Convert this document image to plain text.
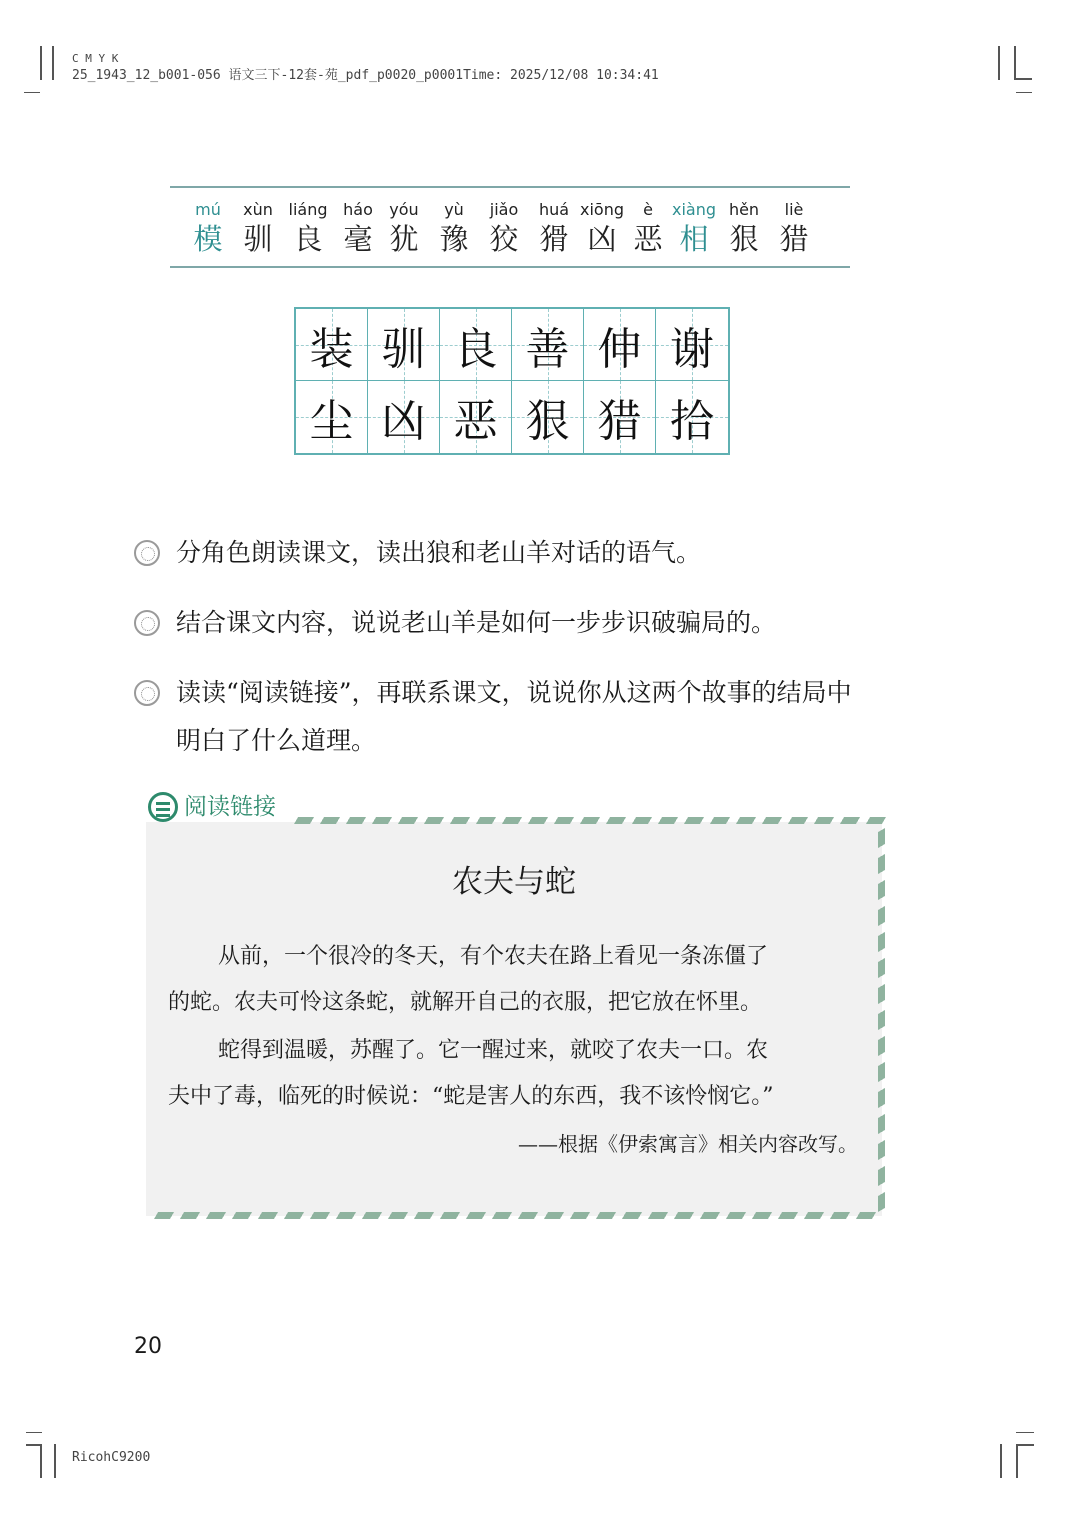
C M Y K
25_1943_12_b001-056 语文三下-12套-苑_pdf_p0020_p0001Time: 2025/12/08 10:34:41
RicohC9200
mú
模
xùn
驯
liáng
良
háo
毫
yóu
犹
yù
豫
jiǎo
狡
huá
猾
xiōng
凶
è
恶
xiàng
相
hěn
狠
liè
猎
装 驯 良 善 伸 谢
尘 凶 恶 狠 猎 拾
分角色朗读课文，读出狼和老山羊对话的语气。
结合课文内容，说说老山羊是如何一步步识破骗局的。
读读“阅读链接”，再联系课文，说说你从这两个故事的结局中
明白了什么道理。
阅读链接
农夫与蛇
从前，一个很冷的冬天，有个农夫在路上看见一条冻僵了
的蛇。农夫可怜这条蛇，就解开自己的衣服，把它放在怀里。
蛇得到温暖，苏醒了。它一醒过来，就咬了农夫一口。农
夫中了毒，临死的时候说：“蛇是害人的东西，我不该怜悯它。”
——根据《伊索寓言》相关内容改写。
20
